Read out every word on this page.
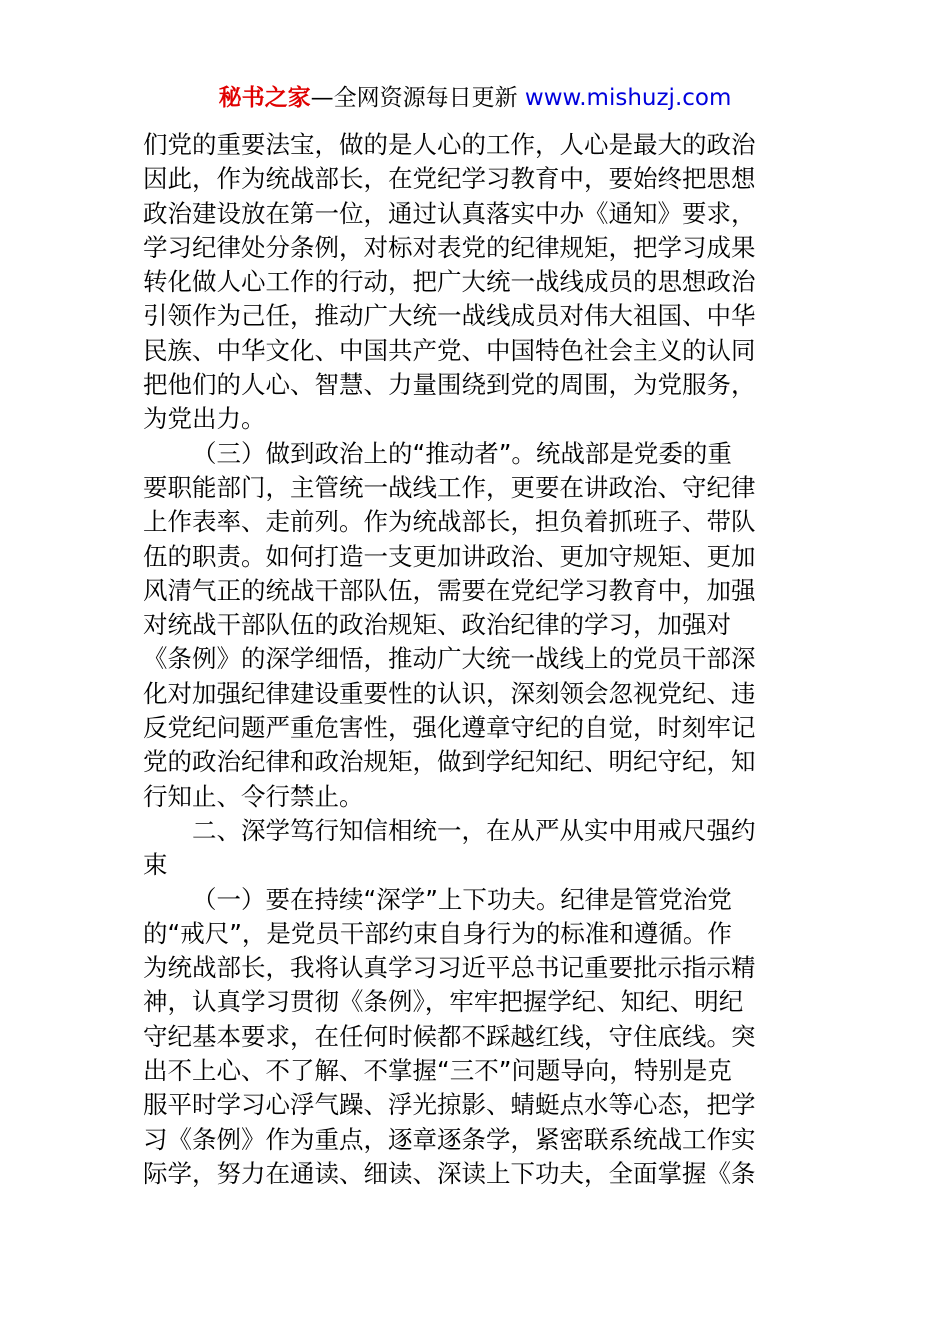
秘书之家—全网资源每日更新 www.mishuzj.com
们党的重要法宝，做的是人心的工作，人心是最大的政治
因此，作为统战部长，在党纪学习教育中，要始终把思想
政治建设放在第一位，通过认真落实中办《通知》要求，
学习纪律处分条例，对标对表党的纪律规矩，把学习成果
转化做人心工作的行动，把广大统一战线成员的思想政治
引领作为己任，推动广大统一战线成员对伟大祖国、中华
民族、中华文化、中国共产党、中国特色社会主义的认同
把他们的人心、智慧、力量围绕到党的周围，为党服务，
为党出力。
（三）做到政治上的“推动者”。统战部是党委的重
要职能部门，主管统一战线工作，更要在讲政治、守纪律
上作表率、走前列。作为统战部长，担负着抓班子、带队
伍的职责。如何打造一支更加讲政治、更加守规矩、更加
风清气正的统战干部队伍，需要在党纪学习教育中，加强
对统战干部队伍的政治规矩、政治纪律的学习，加强对
《条例》的深学细悟，推动广大统一战线上的党员干部深
化对加强纪律建设重要性的认识，深刻领会忽视党纪、违
反党纪问题严重危害性，强化遵章守纪的自觉，时刻牢记
党的政治纪律和政治规矩，做到学纪知纪、明纪守纪，知
行知止、令行禁止。
二、深学笃行知信相统一，在从严从实中用戒尺强约
束
（一）要在持续“深学”上下功夫。纪律是管党治党
的“戒尺”，是党员干部约束自身行为的标准和遵循。作
为统战部长，我将认真学习习近平总书记重要批示指示精
神，认真学习贯彻《条例》，牢牢把握学纪、知纪、明纪
守纪基本要求，在任何时候都不踩越红线，守住底线。突
出不上心、不了解、不掌握“三不”问题导向，特别是克
服平时学习心浮气躁、浮光掠影、蜻蜓点水等心态，把学
习《条例》作为重点，逐章逐条学，紧密联系统战工作实
际学，努力在通读、细读、深读上下功夫，全面掌握《条
